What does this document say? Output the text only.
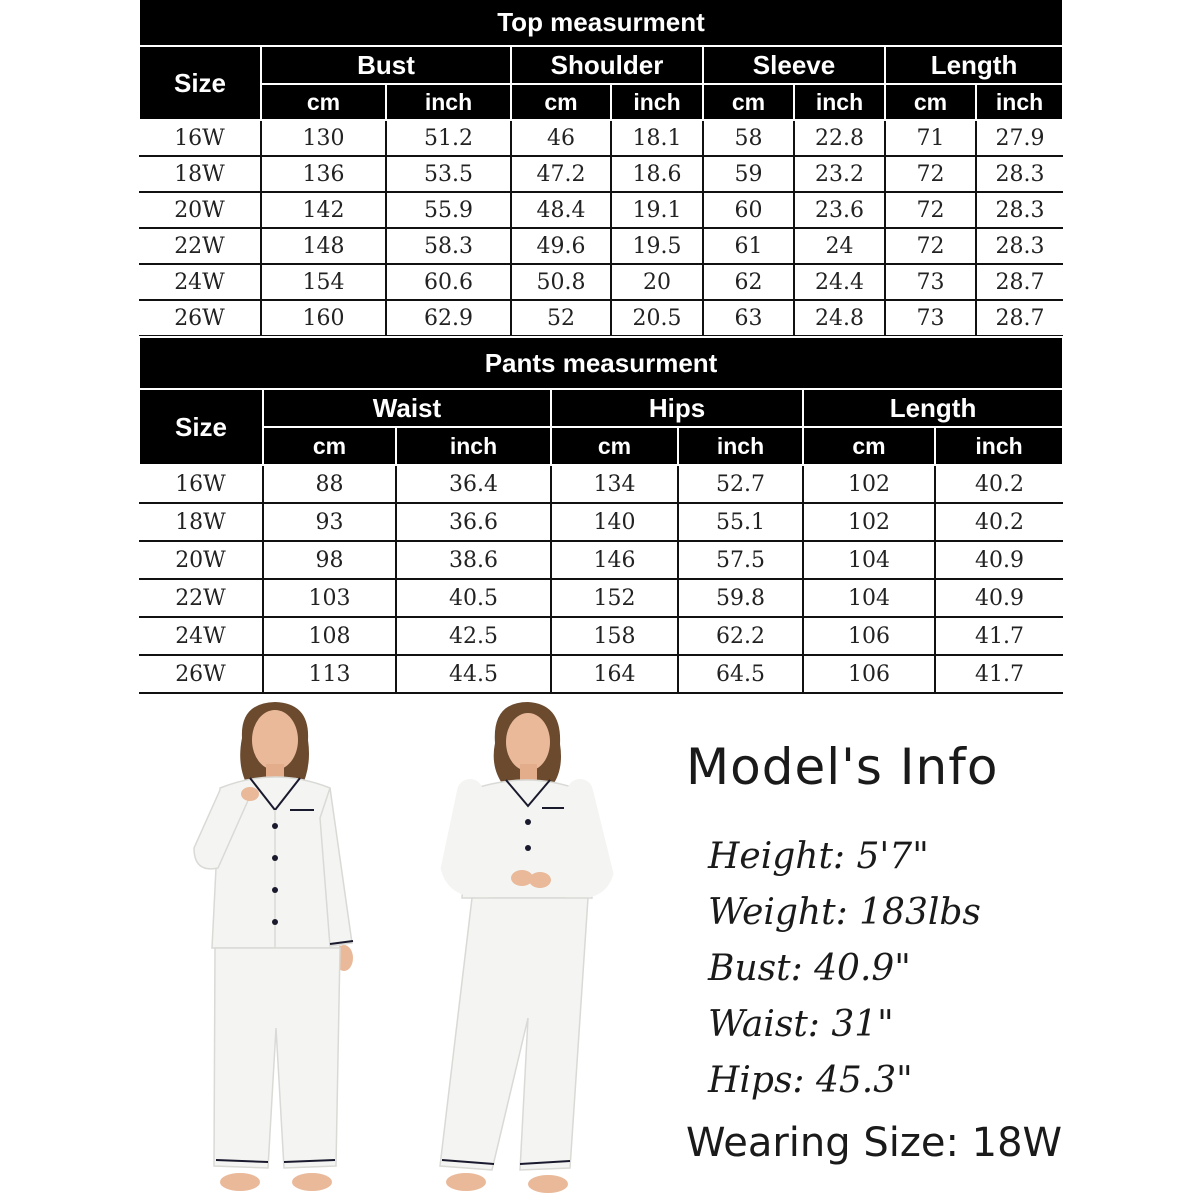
Top measurment								
Size	Bust		Shoulder		Sleeve		Length	
	cm	inch	cm	inch	cm	inch	cm	inch
16W	130	51.2	46	18.1	58	22.8	71	27.9
18W	136	53.5	47.2	18.6	59	23.2	72	28.3
20W	142	55.9	48.4	19.1	60	23.6	72	28.3
22W	148	58.3	49.6	19.5	61	24	72	28.3
24W	154	60.6	50.8	20	62	24.4	73	28.7
26W	160	62.9	52	20.5	63	24.8	73	28.7
Pants measurment						
Size	Waist		Hips		Length	
	cm	inch	cm	inch	cm	inch
16W	88	36.4	134	52.7	102	40.2
18W	93	36.6	140	55.1	102	40.2
20W	98	38.6	146	57.5	104	40.9
22W	103	40.5	152	59.8	104	40.9
24W	108	42.5	158	62.2	106	41.7
26W	113	44.5	164	64.5	106	41.7
Model's Info
Height: 5'7"
Weight: 183lbs
Bust: 40.9"
Waist: 31"
Hips: 45.3"
Wearing Size: 18W
